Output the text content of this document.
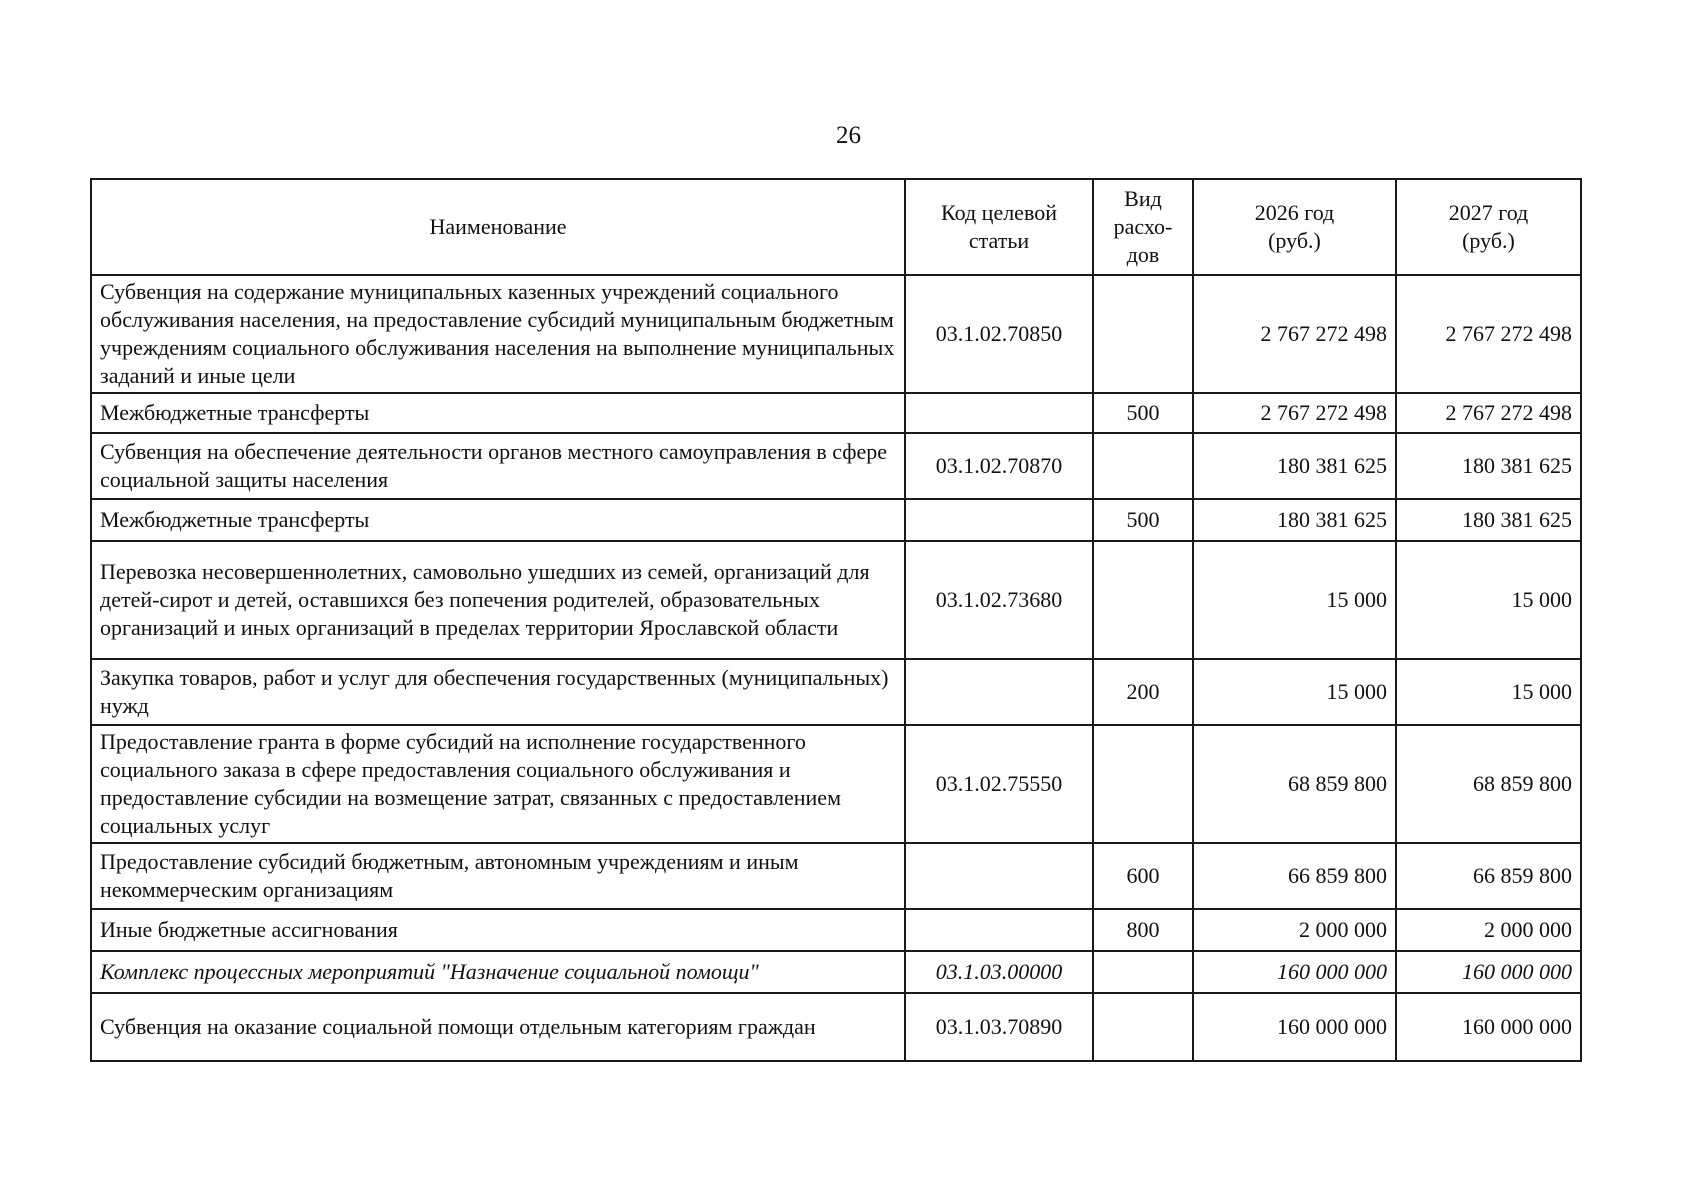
26
Наименование	Код целевой статьи	Вид расхо-дов	2026 год (руб.)	2027 год (руб.)
Субвенция на содержание муниципальных казенных учреждений социального обслуживания населения, на предоставление субсидий муниципальным бюджетным учреждениям социального обслуживания населения на выполнение муниципальных заданий и иные цели	03.1.02.70850		2 767 272 498	2 767 272 498
Межбюджетные трансферты		500	2 767 272 498	2 767 272 498
Субвенция на обеспечение деятельности органов местного самоуправления в сфере социальной защиты населения	03.1.02.70870		180 381 625	180 381 625
Межбюджетные трансферты		500	180 381 625	180 381 625
Перевозка несовершеннолетних, самовольно ушедших из семей, организаций для детей-сирот и детей, оставшихся без попечения родителей, образовательных организаций и иных организаций в пределах территории Ярославской области	03.1.02.73680		15 000	15 000
Закупка товаров, работ и услуг для обеспечения государственных (муниципальных) нужд		200	15 000	15 000
Предоставление гранта в форме субсидий на исполнение государственного социального заказа в сфере предоставления социального обслуживания и предоставление субсидии на возмещение затрат, связанных с предоставлением социальных услуг	03.1.02.75550		68 859 800	68 859 800
Предоставление субсидий бюджетным, автономным учреждениям и иным некоммерческим организациям		600	66 859 800	66 859 800
Иные бюджетные ассигнования		800	2 000 000	2 000 000
Комплекс процессных мероприятий "Назначение социальной помощи"	03.1.03.00000		160 000 000	160 000 000
Субвенция на оказание социальной помощи отдельным категориям граждан	03.1.03.70890		160 000 000	160 000 000
